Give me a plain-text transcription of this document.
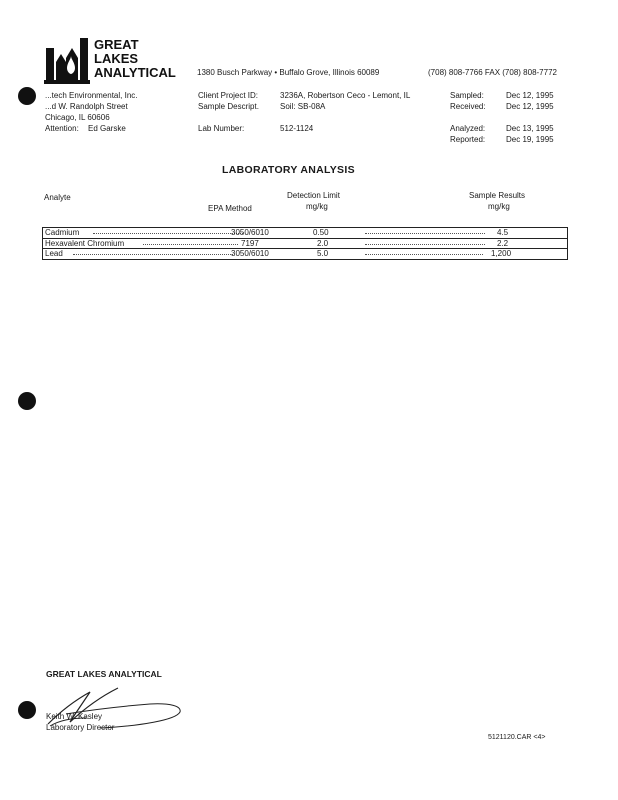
GREAT
LAKES
ANALYTICAL	1380 Busch Parkway • Buffalo Grove, Illinois 60089	(708) 808-7766 FAX (708) 808-7772
...tech Environmental, Inc.
...d W. Randolph Street
Chicago, IL 60606
Attention: Ed Garske
Client Project ID:	3236A, Robertson Ceco - Lemont, IL
Sample Descript.	Soil: SB-08A
Lab Number:	512-1124
Sampled:	Dec 12, 1995
Received:	Dec 12, 1995
Analyzed:	Dec 13, 1995
Reported:	Dec 19, 1995
LABORATORY ANALYSIS
Analyte
EPA Method
Detection Limit
mg/kg
Sample Results
mg/kg
Cadmium	3050/6010	0.50	4.5
Hexavalent Chromium	7197	2.0	2.2
Lead	3050/6010	5.0	1,200
GREAT LAKES ANALYTICAL
Keith W. Kasley
Laboratory Director
5121120.CAR <4>
